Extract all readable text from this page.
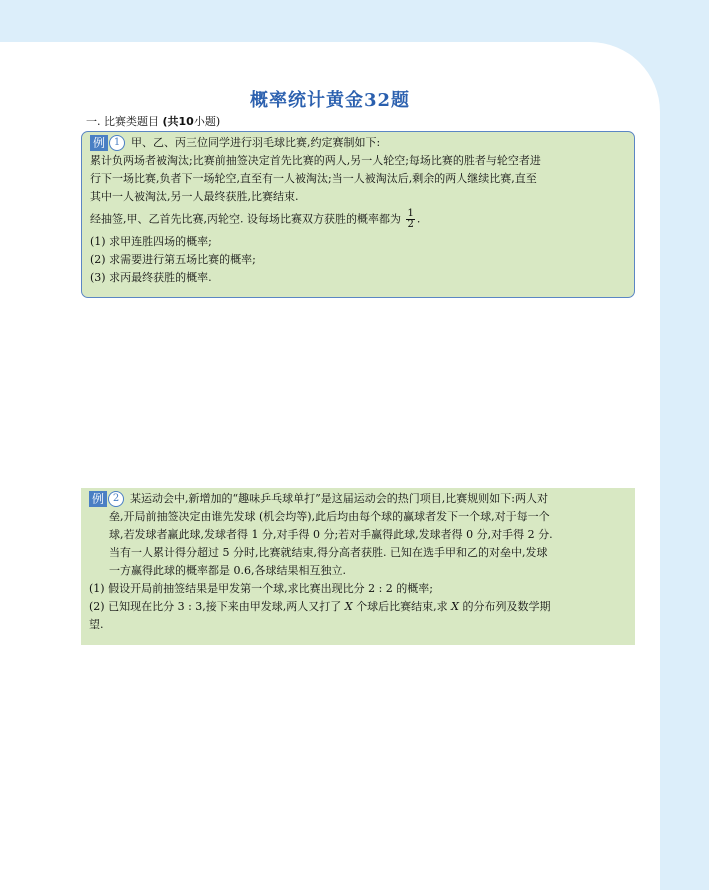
概率统计黄金32题
一. 比赛类题目 (共10小题)
例 1 甲、乙、丙三位同学进行羽毛球比赛,约定赛制如下:
累计负两场者被淘汰;比赛前抽签决定首先比赛的两人,另一人轮空;每场比赛的胜者与轮空者进
行下一场比赛,负者下一场轮空,直至有一人被淘汰;当一人被淘汰后,剩余的两人继续比赛,直至
其中一人被淘汰,另一人最终获胜,比赛结束.
经抽签,甲、乙首先比赛,丙轮空. 设每场比赛双方获胜的概率都为 $\frac{1}{2}$ .
(1) 求甲连胜四场的概率;
(2) 求需要进行第五场比赛的概率;
(3) 求丙最终获胜的概率.
例 2 某运动会中,新增加的“趣味乒乓球单打”是这届运动会的热门项目,比赛规则如下:两人对
垒,开局前抽签决定由谁先发球 (机会均等),此后均由每个球的赢球者发下一个球,对于每一个
球,若发球者赢此球,发球者得 1 分,对手得 0 分;若对手赢得此球,发球者得 0 分,对手得 2 分.
当有一人累计得分超过 5 分时,比赛就结束,得分高者获胜. 已知在选手甲和乙的对垒中,发球
一方赢得此球的概率都是 0.6,各球结果相互独立.
(1) 假设开局前抽签结果是甲发第一个球,求比赛出现比分 2 : 2 的概率;
(2) 已知现在比分 3 : 3,接下来由甲发球,两人又打了 X 个球后比赛结束,求 X 的分布列及数学期
望.
